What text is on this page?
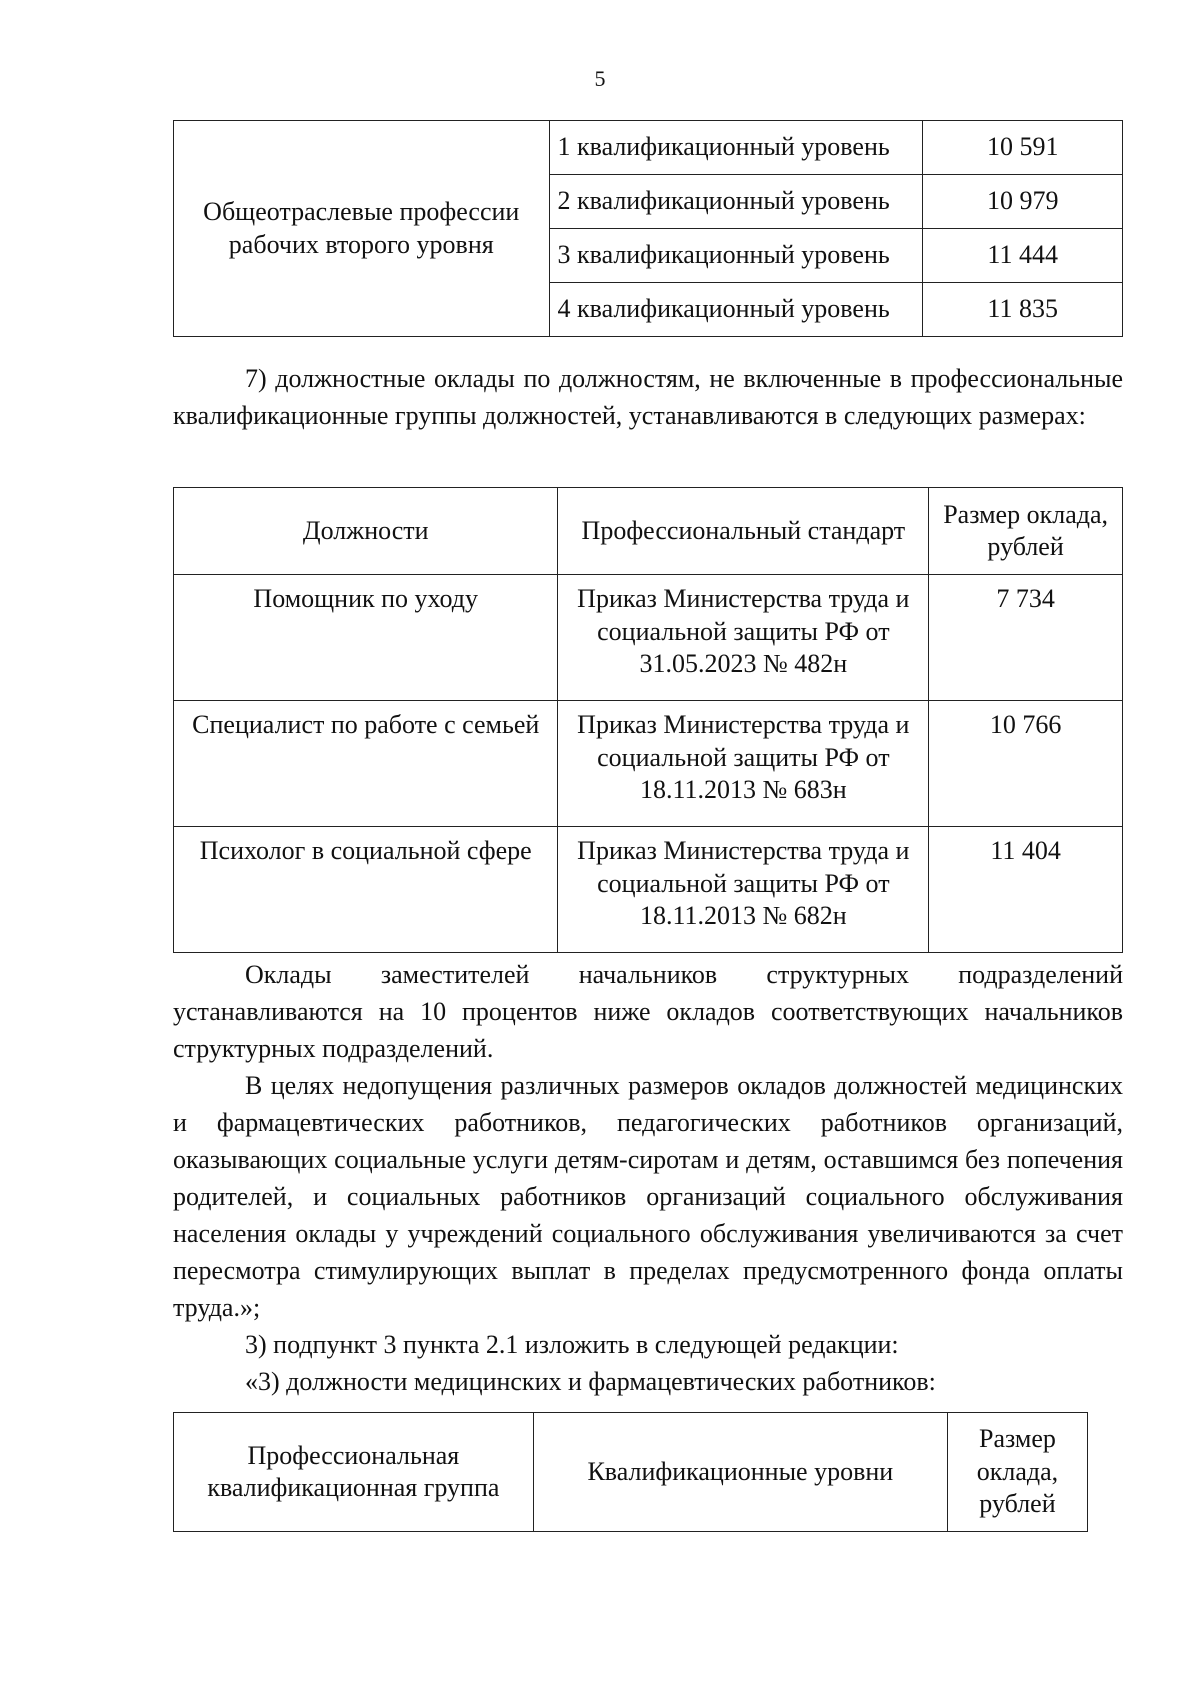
5
Общеотраслевые профессии рабочих второго уровня	1 квалификационный уровень	10 591
	2 квалификационный уровень	10 979
	3 квалификационный уровень	11 444
	4 квалификационный уровень	11 835

7) должностные оклады по должностям, не включенные в профессиональные квалификационные группы должностей, устанавливаются в следующих размерах:

Должности	Профессиональный стандарт	Размер оклада, рублей
Помощник по уходу	Приказ Министерства труда и социальной защиты РФ от 31.05.2023 № 482н	7 734
Специалист по работе с семьей	Приказ Министерства труда и социальной защиты РФ от 18.11.2013 № 683н	10 766
Психолог в социальной сфере	Приказ Министерства труда и социальной защиты РФ от 18.11.2013 № 682н	11 404

Оклады заместителей начальников структурных подразделений устанавливаются на 10 процентов ниже окладов соответствующих начальников структурных подразделений.

В целях недопущения различных размеров окладов должностей медицинских и фармацевтических работников, педагогических работников организаций, оказывающих социальные услуги детям-сиротам и детям, оставшимся без попечения родителей, и социальных работников организаций социального обслуживания населения оклады у учреждений социального обслуживания увеличиваются за счет пересмотра стимулирующих выплат в пределах предусмотренного фонда оплаты труда.»;

3) подпункт 3 пункта 2.1 изложить в следующей редакции:

«3) должности медицинских и фармацевтических работников:

Профессиональная квалификационная группа	Квалификационные уровни	Размер оклада, рублей
